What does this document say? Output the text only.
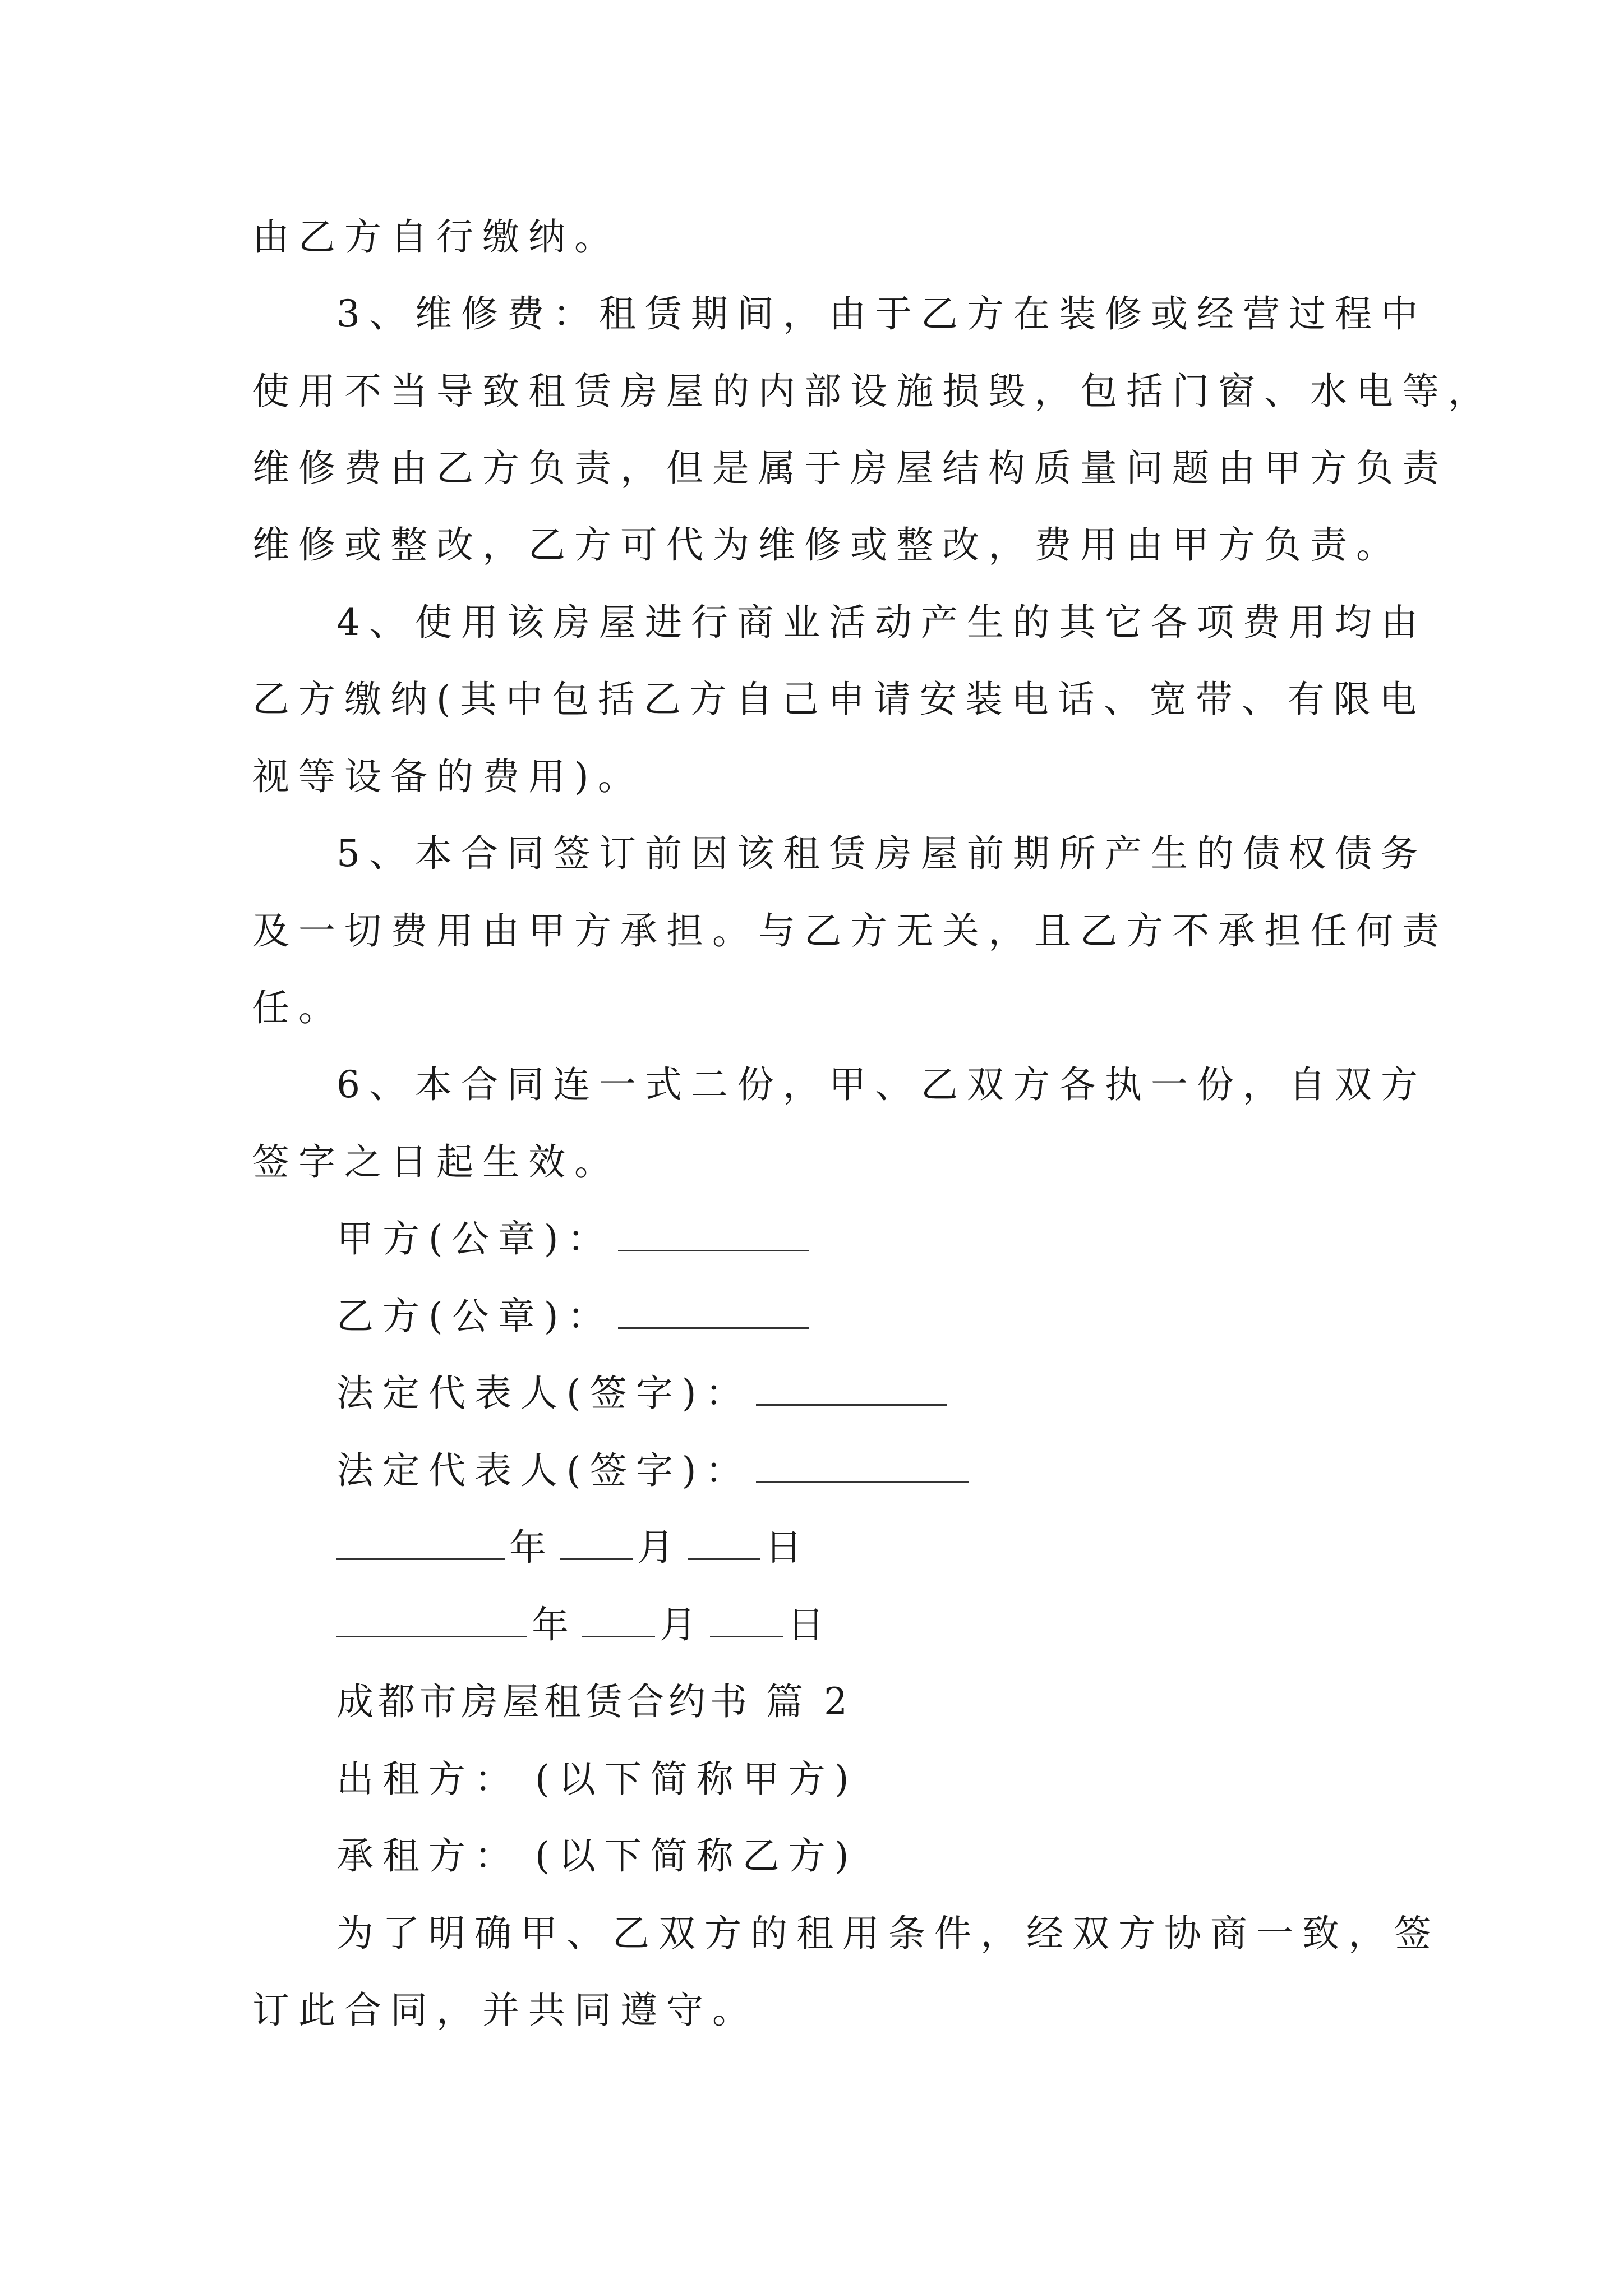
由乙方自行缴纳。
3、维修费：租赁期间，由于乙方在装修或经营过程中
使用不当导致租赁房屋的内部设施损毁，包括门窗、水电等，
维修费由乙方负责，但是属于房屋结构质量问题由甲方负责
维修或整改，乙方可代为维修或整改，费用由甲方负责。
4、使用该房屋进行商业活动产生的其它各项费用均由
乙方缴纳(其中包括乙方自己申请安装电话、宽带、有限电
视等设备的费用)。
5、本合同签订前因该租赁房屋前期所产生的债权债务
及一切费用由甲方承担。与乙方无关，且乙方不承担任何责
任。
6、本合同连一式二份，甲、乙双方各执一份，自双方
签字之日起生效。
甲方(公章)：
乙方(公章)：
法定代表人(签字)：
法定代表人(签字)：
年 月 日
年 月 日
成都市房屋租赁合约书 篇 2
出租方： (以下简称甲方)
承租方： (以下简称乙方)
为了明确甲、乙双方的租用条件，经双方协商一致，签
订此合同，并共同遵守。
